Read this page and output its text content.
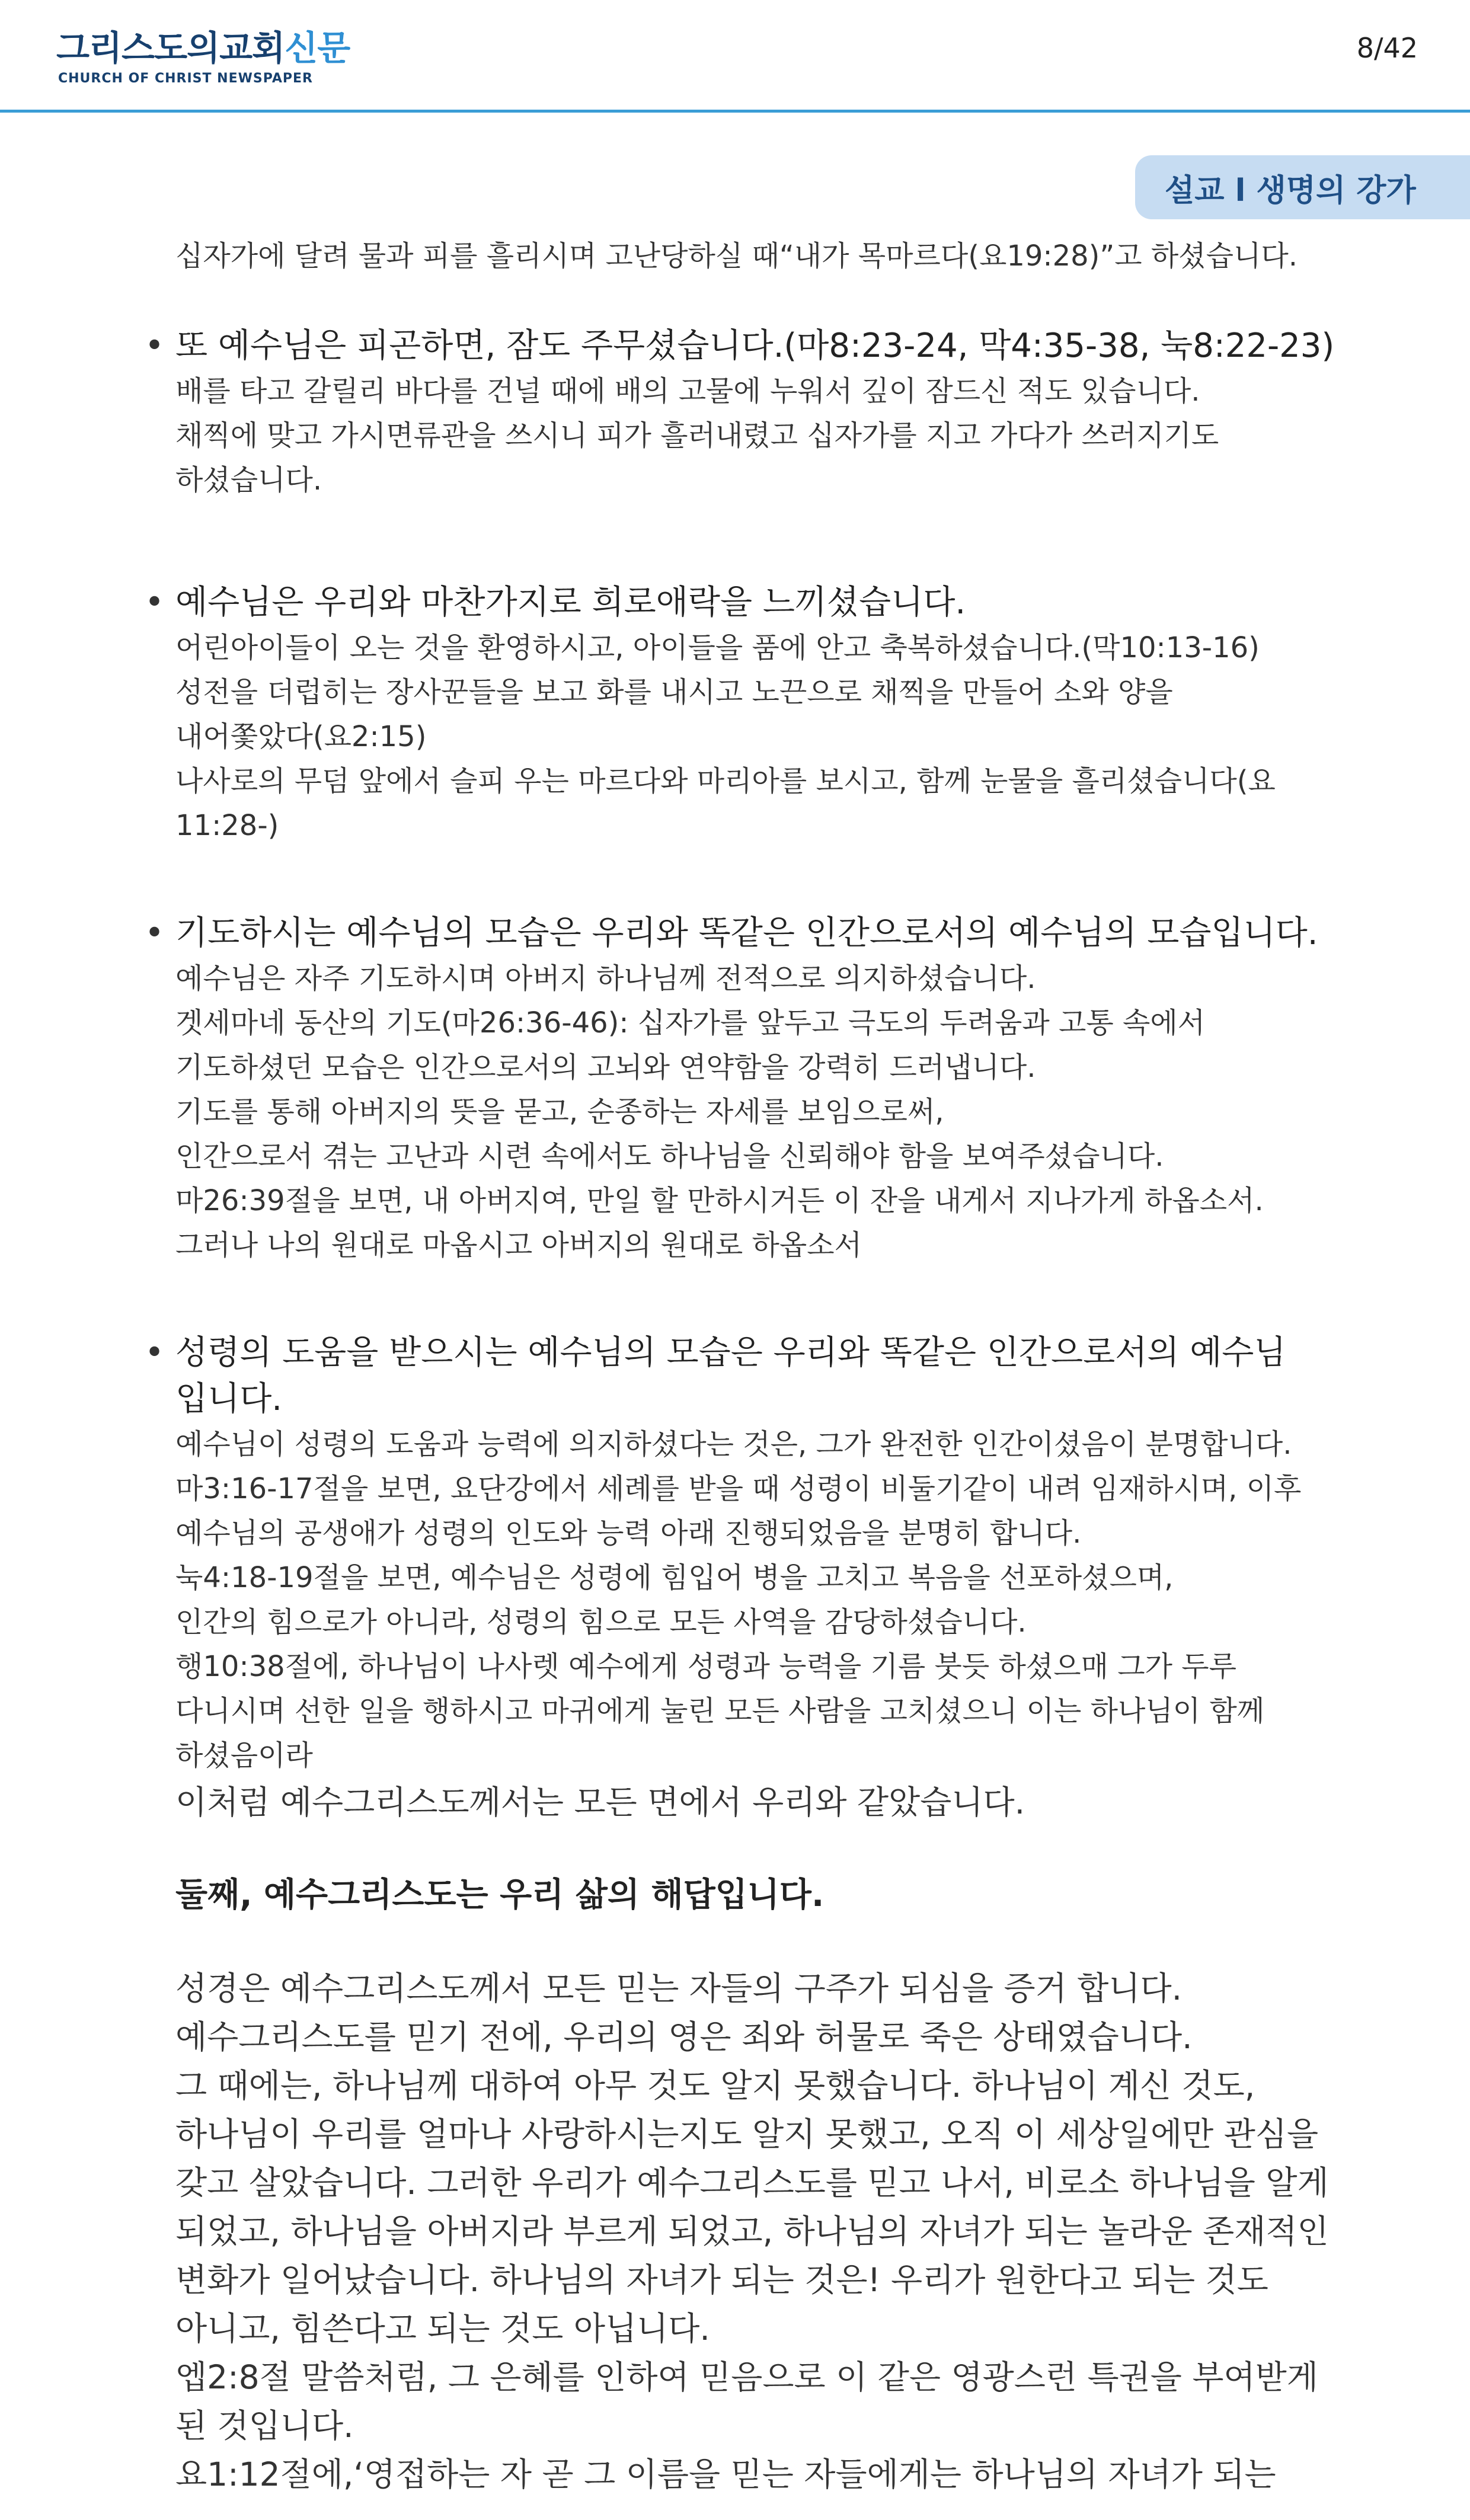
그리스도의교회신문
CHURCH OF CHRIST NEWSPAPER
8/42
설교 l 생명의 강가
십자가에 달려 물과 피를 흘리시며 고난당하실 때“내가 목마르다(요19:28)”고 하셨습니다.
• 또 예수님은 피곤하면, 잠도 주무셨습니다.(마8:23-24, 막4:35-38, 눅8:22-23)
배를 타고 갈릴리 바다를 건널 때에 배의 고물에 누워서 깊이 잠드신 적도 있습니다.
채찍에 맞고 가시면류관을 쓰시니 피가 흘러내렸고 십자가를 지고 가다가 쓰러지기도
하셨습니다.
• 예수님은 우리와 마찬가지로 희로애락을 느끼셨습니다.
어린아이들이 오는 것을 환영하시고, 아이들을 품에 안고 축복하셨습니다.(막10:13-16)
성전을 더럽히는 장사꾼들을 보고 화를 내시고 노끈으로 채찍을 만들어 소와 양을
내어쫓았다(요2:15)
나사로의 무덤 앞에서 슬피 우는 마르다와 마리아를 보시고, 함께 눈물을 흘리셨습니다(요
11:28-)
• 기도하시는 예수님의 모습은 우리와 똑같은 인간으로서의 예수님의 모습입니다.
예수님은 자주 기도하시며 아버지 하나님께 전적으로 의지하셨습니다.
겟세마네 동산의 기도(마26:36-46): 십자가를 앞두고 극도의 두려움과 고통 속에서
기도하셨던 모습은 인간으로서의 고뇌와 연약함을 강력히 드러냅니다.
기도를 통해 아버지의 뜻을 묻고, 순종하는 자세를 보임으로써,
인간으로서 겪는 고난과 시련 속에서도 하나님을 신뢰해야 함을 보여주셨습니다.
마26:39절을 보면, 내 아버지여, 만일 할 만하시거든 이 잔을 내게서 지나가게 하옵소서.
그러나 나의 원대로 마옵시고 아버지의 원대로 하옵소서
• 성령의 도움을 받으시는 예수님의 모습은 우리와 똑같은 인간으로서의 예수님
입니다.
예수님이 성령의 도움과 능력에 의지하셨다는 것은, 그가 완전한 인간이셨음이 분명합니다.
마3:16-17절을 보면, 요단강에서 세례를 받을 때 성령이 비둘기같이 내려 임재하시며, 이후
예수님의 공생애가 성령의 인도와 능력 아래 진행되었음을 분명히 합니다.
눅4:18-19절을 보면, 예수님은 성령에 힘입어 병을 고치고 복음을 선포하셨으며,
인간의 힘으로가 아니라, 성령의 힘으로 모든 사역을 감당하셨습니다.
행10:38절에, 하나님이 나사렛 예수에게 성령과 능력을 기름 붓듯 하셨으매 그가 두루
다니시며 선한 일을 행하시고 마귀에게 눌린 모든 사람을 고치셨으니 이는 하나님이 함께
하셨음이라
이처럼 예수그리스도께서는 모든 면에서 우리와 같았습니다.
둘째, 예수그리스도는 우리 삶의 해답입니다.
성경은 예수그리스도께서 모든 믿는 자들의 구주가 되심을 증거 합니다.
예수그리스도를 믿기 전에, 우리의 영은 죄와 허물로 죽은 상태였습니다.
그 때에는, 하나님께 대하여 아무 것도 알지 못했습니다. 하나님이 계신 것도,
하나님이 우리를 얼마나 사랑하시는지도 알지 못했고, 오직 이 세상일에만 관심을
갖고 살았습니다. 그러한 우리가 예수그리스도를 믿고 나서, 비로소 하나님을 알게
되었고, 하나님을 아버지라 부르게 되었고, 하나님의 자녀가 되는 놀라운 존재적인
변화가 일어났습니다. 하나님의 자녀가 되는 것은! 우리가 원한다고 되는 것도
아니고, 힘쓴다고 되는 것도 아닙니다.
엡2:8절 말씀처럼, 그 은혜를 인하여 믿음으로 이 같은 영광스런 특권을 부여받게
된 것입니다.
요1:12절에,‘영접하는 자 곧 그 이름을 믿는 자들에게는 하나님의 자녀가 되는
